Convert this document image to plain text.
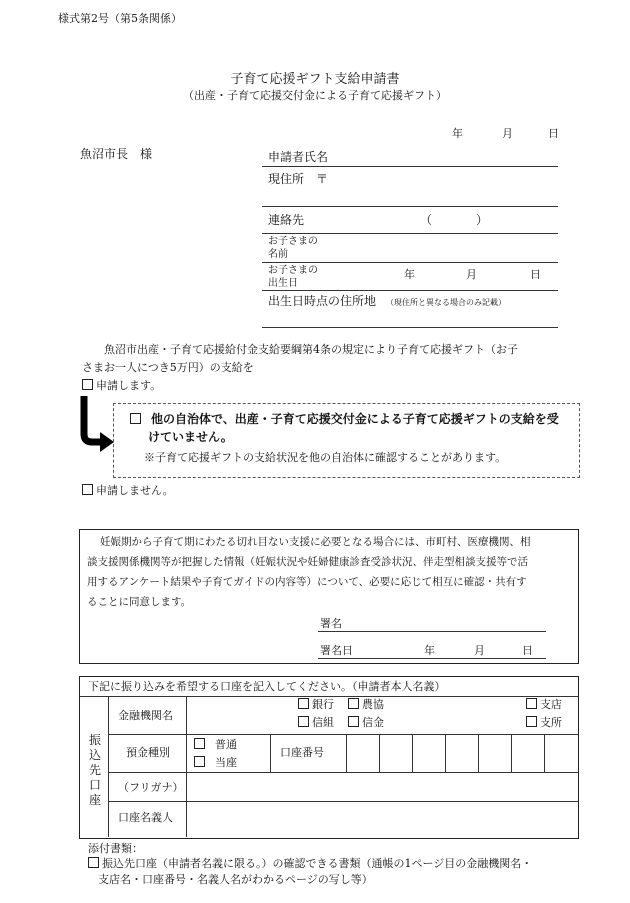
様式第2号（第5条関係）
子育て応援ギフト支給申請書
（出産・子育て応援交付金による子育て応援ギフト）
年	月	日
魚沼市長　様	申請者氏名
現住所　〒
連絡先	（	）
お子さまの
名前
お子さまの
出生日
年	月	日
出生日時点の住所地 （現住所と異なる場合のみ記載）
魚沼市出産・子育て応援給付金支給要綱第4条の規定により子育て応援ギフト（お子
さまお一人につき5万円）の支給を
申請します。
他の自治体で、出産・子育て応援交付金による子育て応援ギフトの支給を受
けていません。
※子育て応援ギフトの支給状況を他の自治体に確認することがあります。
申請しません。
妊娠期から子育て期にわたる切れ目ない支援に必要となる場合には、市町村、医療機関、相
談支援関係機関等が把握した情報（妊娠状況や妊婦健康診査受診状況、伴走型相談支援等で活
用するアンケート結果や子育てガイドの内容等）について、必要に応じて相互に確認・共有す
ることに同意します。
署名
署名日	年	月	日
下記に振り込みを希望する口座を記入してください。（申請者本人名義）
振
込
先
口
座
金融機関名
銀行	農協
信組	信金
支店
支所
預金種別
普通
当座
口座番号
（フリガナ）
口座名義人
添付書類：
振込先口座（申請者名義に限る。）の確認できる書類（通帳の1ページ目の金融機関名・
支店名・口座番号・名義人名がわかるページの写し等）
